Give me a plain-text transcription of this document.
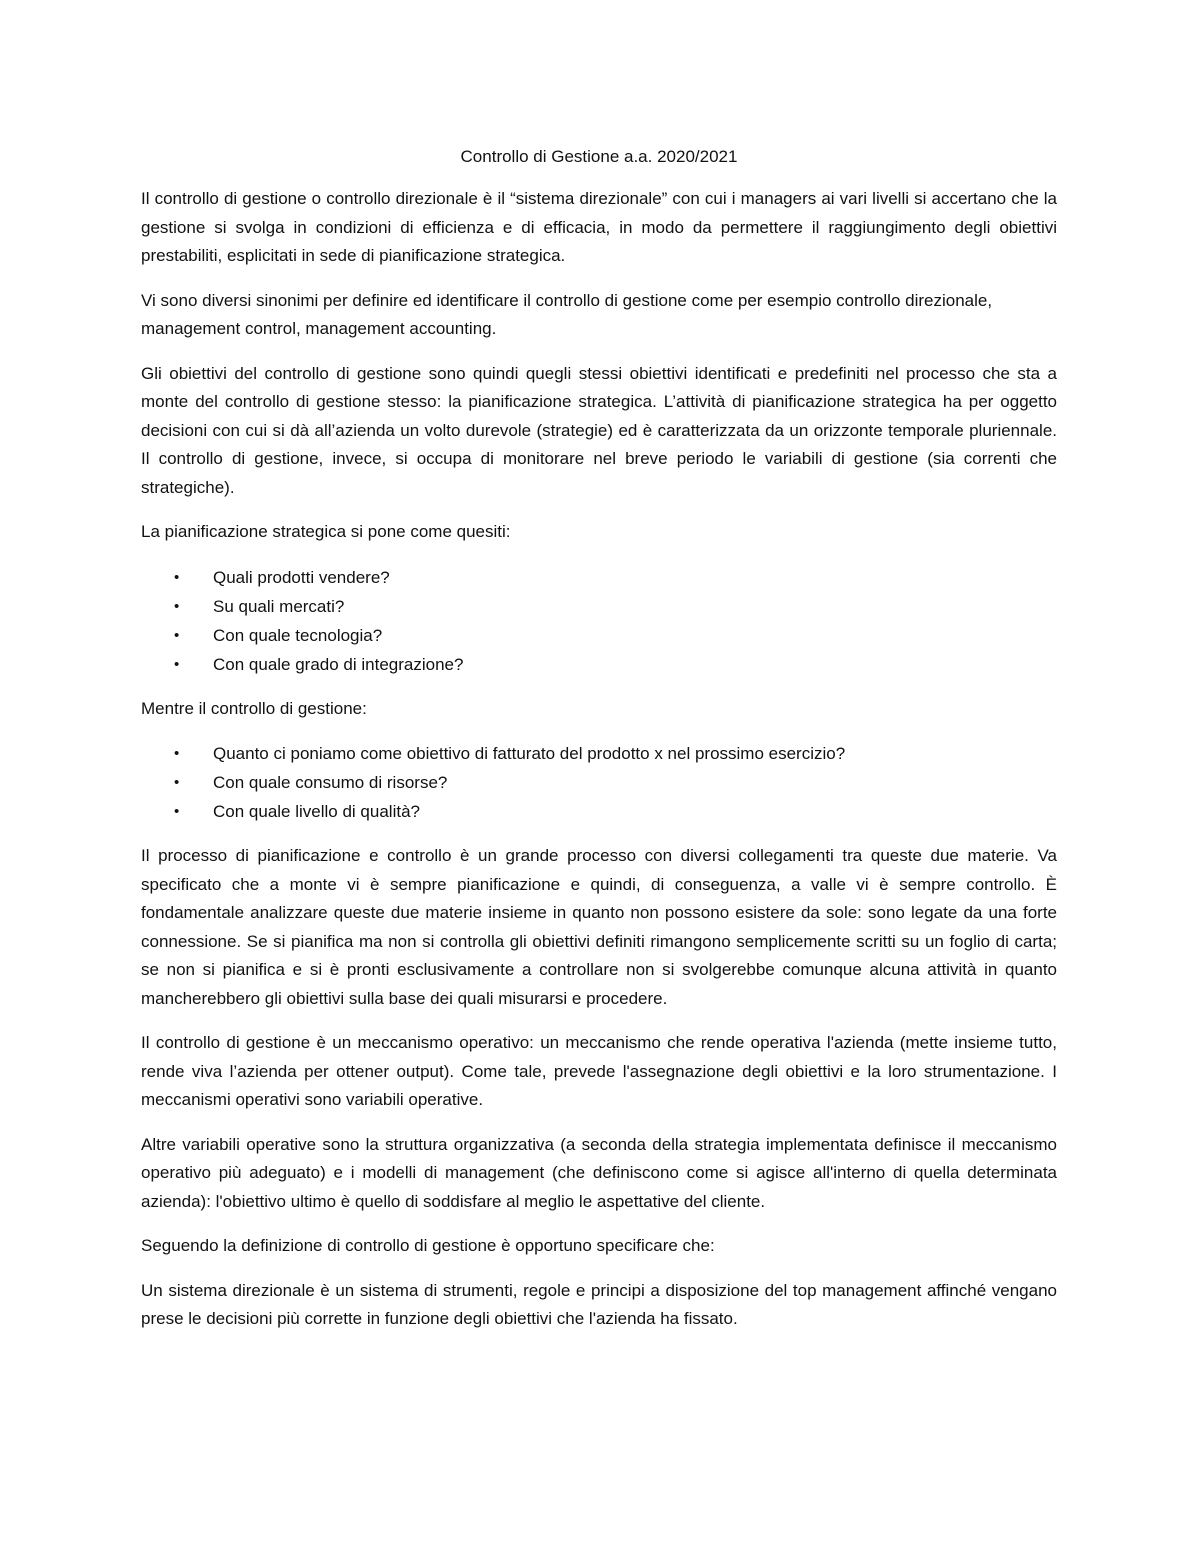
Controllo di Gestione a.a. 2020/2021

Il controllo di gestione o controllo direzionale è il “sistema direzionale” con cui i managers ai vari livelli si accertano che la gestione si svolga in condizioni di efficienza e di efficacia, in modo da permettere il raggiungimento degli obiettivi prestabiliti, esplicitati in sede di pianificazione strategica.

Vi sono diversi sinonimi per definire ed identificare il controllo di gestione come per esempio controllo direzionale, management control, management accounting.

Gli obiettivi del controllo di gestione sono quindi quegli stessi obiettivi identificati e predefiniti nel processo che sta a monte del controllo di gestione stesso: la pianificazione strategica. L’attività di pianificazione strategica ha per oggetto decisioni con cui si dà all’azienda un volto durevole (strategie) ed è caratterizzata da un orizzonte temporale pluriennale. Il controllo di gestione, invece, si occupa di monitorare nel breve periodo le variabili di gestione (sia correnti che strategiche).

La pianificazione strategica si pone come quesiti:

• Quali prodotti vendere?
• Su quali mercati?
• Con quale tecnologia?
• Con quale grado di integrazione?

Mentre il controllo di gestione:

• Quanto ci poniamo come obiettivo di fatturato del prodotto x nel prossimo esercizio?
• Con quale consumo di risorse?
• Con quale livello di qualità?

Il processo di pianificazione e controllo è un grande processo con diversi collegamenti tra queste due materie. Va specificato che a monte vi è sempre pianificazione e quindi, di conseguenza, a valle vi è sempre controllo. È fondamentale analizzare queste due materie insieme in quanto non possono esistere da sole: sono legate da una forte connessione. Se si pianifica ma non si controlla gli obiettivi definiti rimangono semplicemente scritti su un foglio di carta; se non si pianifica e si è pronti esclusivamente a controllare non si svolgerebbe comunque alcuna attività in quanto mancherebbero gli obiettivi sulla base dei quali misurarsi e procedere.

Il controllo di gestione è un meccanismo operativo: un meccanismo che rende operativa l'azienda (mette insieme tutto, rende viva l’azienda per ottener output). Come tale, prevede l'assegnazione degli obiettivi e la loro strumentazione. I meccanismi operativi sono variabili operative.

Altre variabili operative sono la struttura organizzativa (a seconda della strategia implementata definisce il meccanismo operativo più adeguato) e i modelli di management (che definiscono come si agisce all'interno di quella determinata azienda): l'obiettivo ultimo è quello di soddisfare al meglio le aspettative del cliente.

Seguendo la definizione di controllo di gestione è opportuno specificare che:

Un sistema direzionale è un sistema di strumenti, regole e principi a disposizione del top management affinché vengano prese le decisioni più corrette in funzione degli obiettivi che l'azienda ha fissato.
